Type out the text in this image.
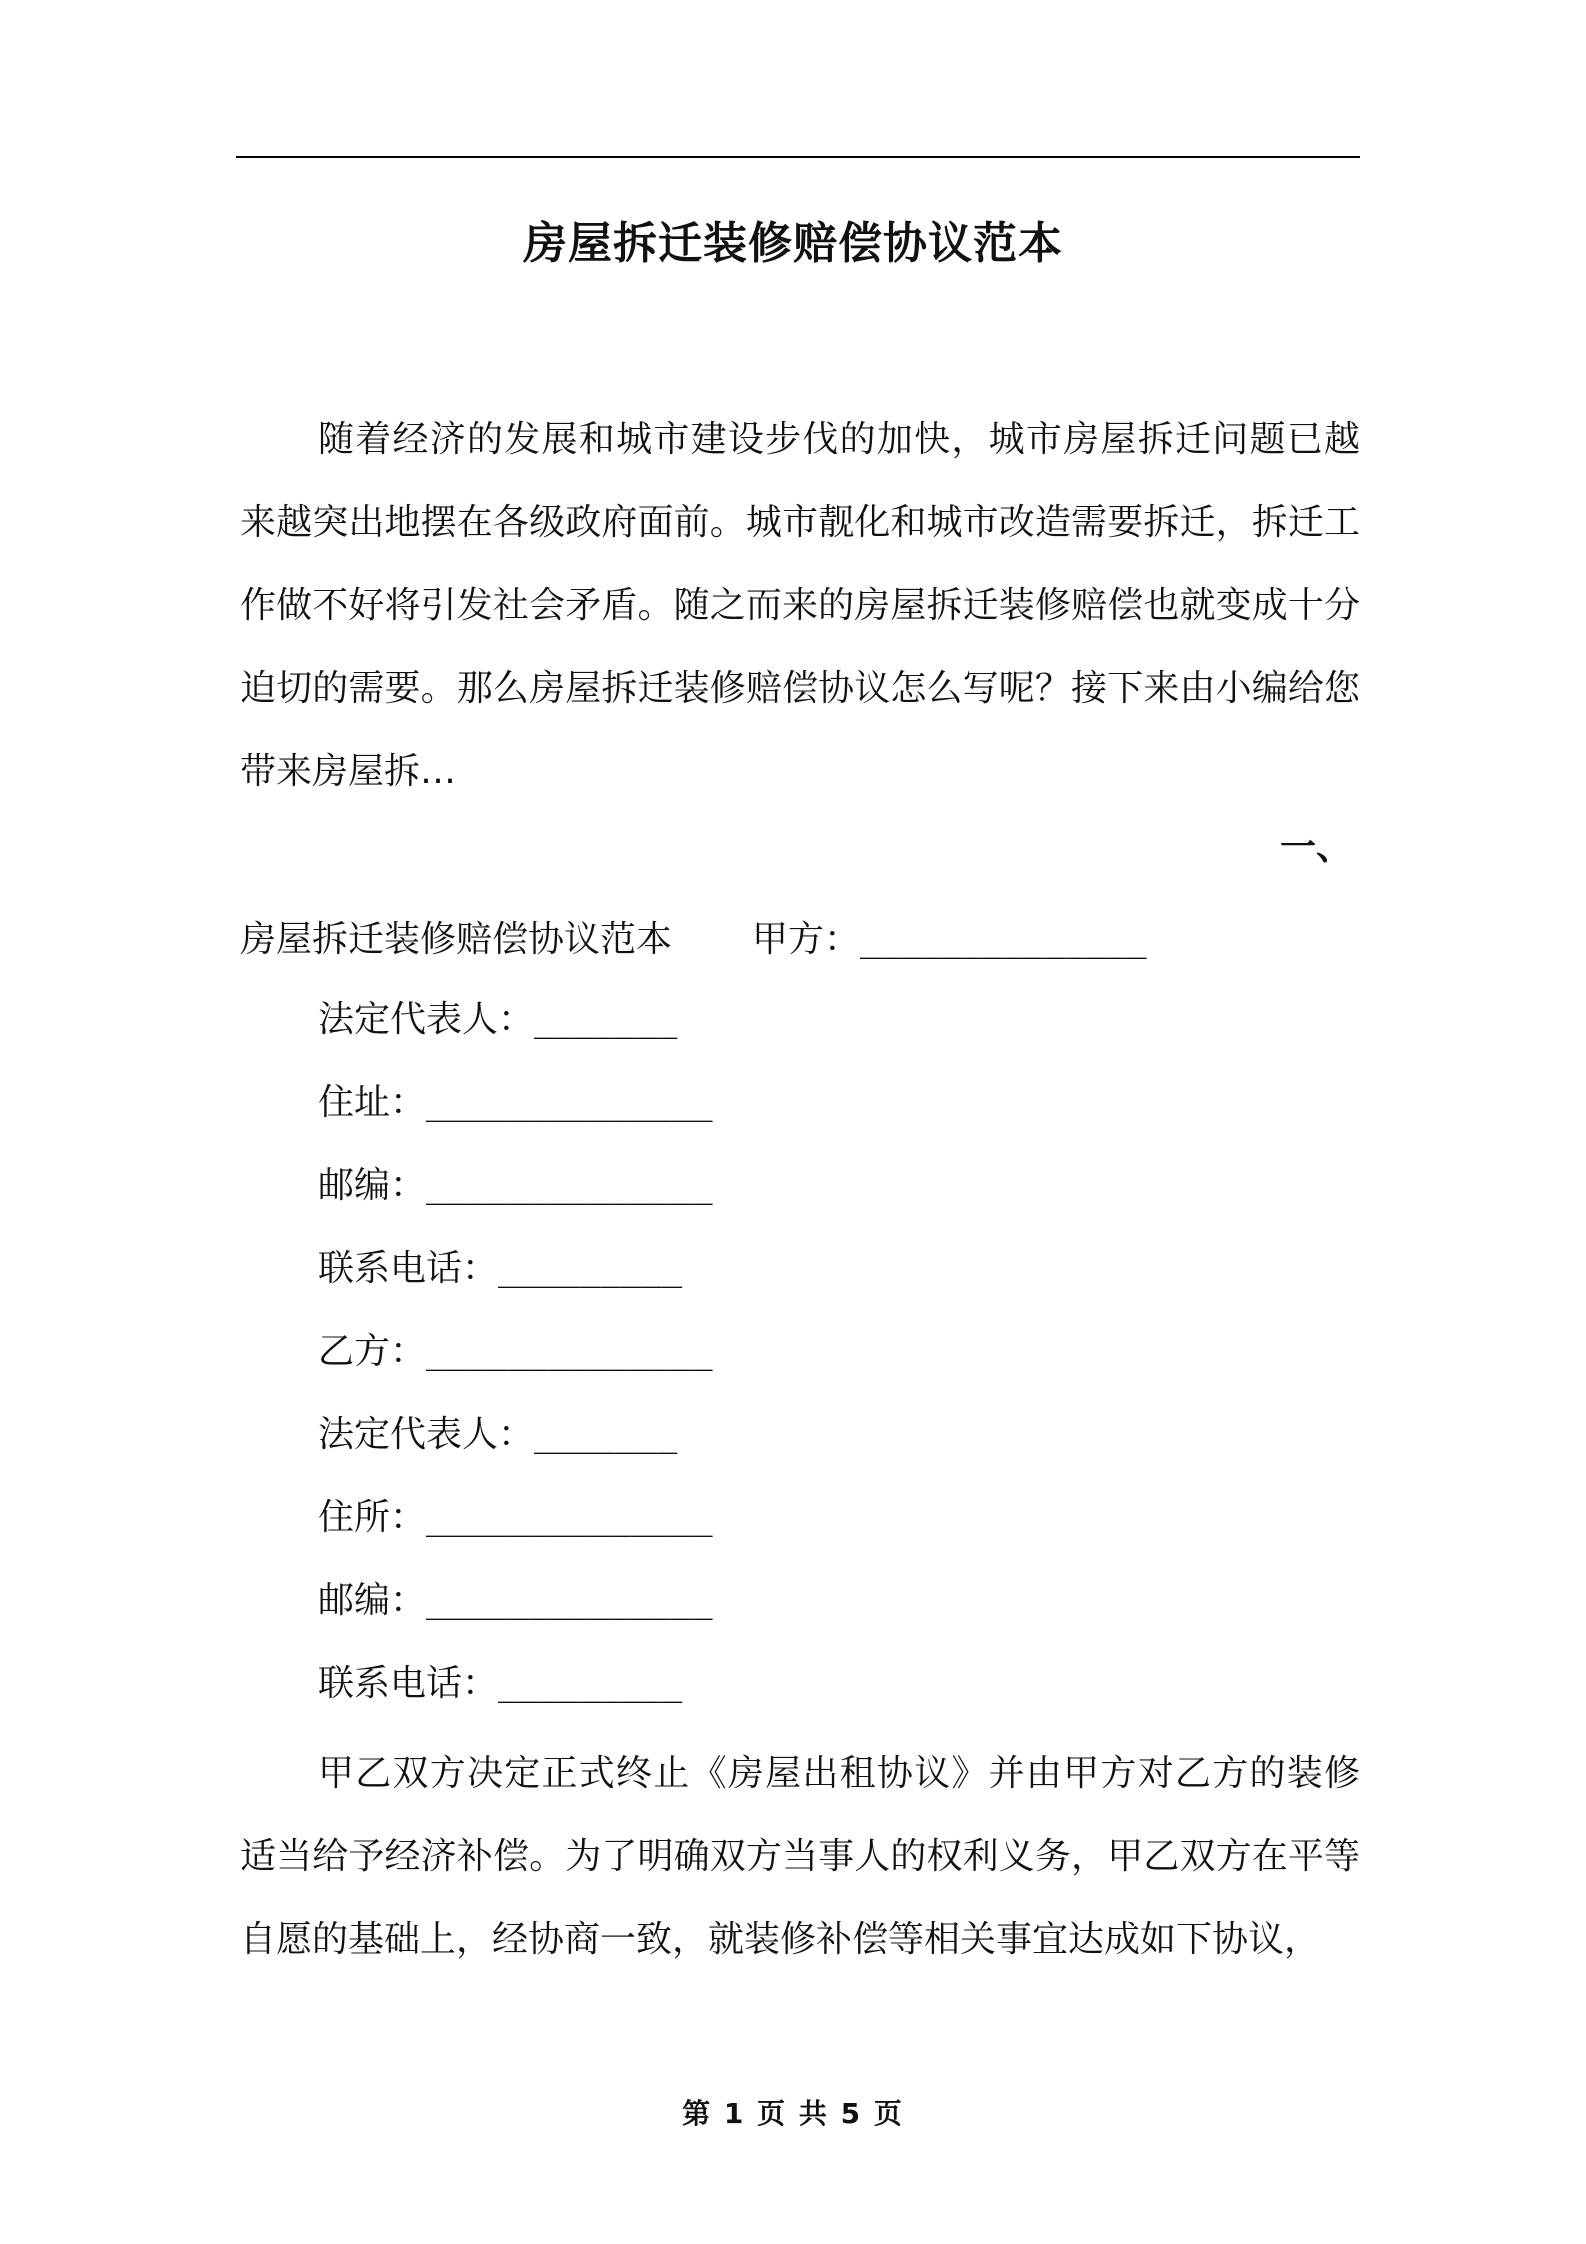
房屋拆迁装修赔偿协议范本

随着经济的发展和城市建设步伐的加快，城市房屋拆迁问题已越来越突出地摆在各级政府面前。城市靓化和城市改造需要拆迁，拆迁工作做不好将引发社会矛盾。随之而来的房屋拆迁装修赔偿也就变成十分迫切的需要。那么房屋拆迁装修赔偿协议怎么写呢？接下来由小编给您带来房屋拆…

一、
房屋拆迁装修赔偿协议范本 甲方：______________
法定代表人：_______
住址：______________
邮编：______________
联系电话：_________
乙方：______________
法定代表人：_______
住所：______________
邮编：______________
联系电话：_________

甲乙双方决定正式终止《房屋出租协议》并由甲方对乙方的装修适当给予经济补偿。为了明确双方当事人的权利义务，甲乙双方在平等自愿的基础上，经协商一致，就装修补偿等相关事宜达成如下协议，

第 1 页 共 5 页
